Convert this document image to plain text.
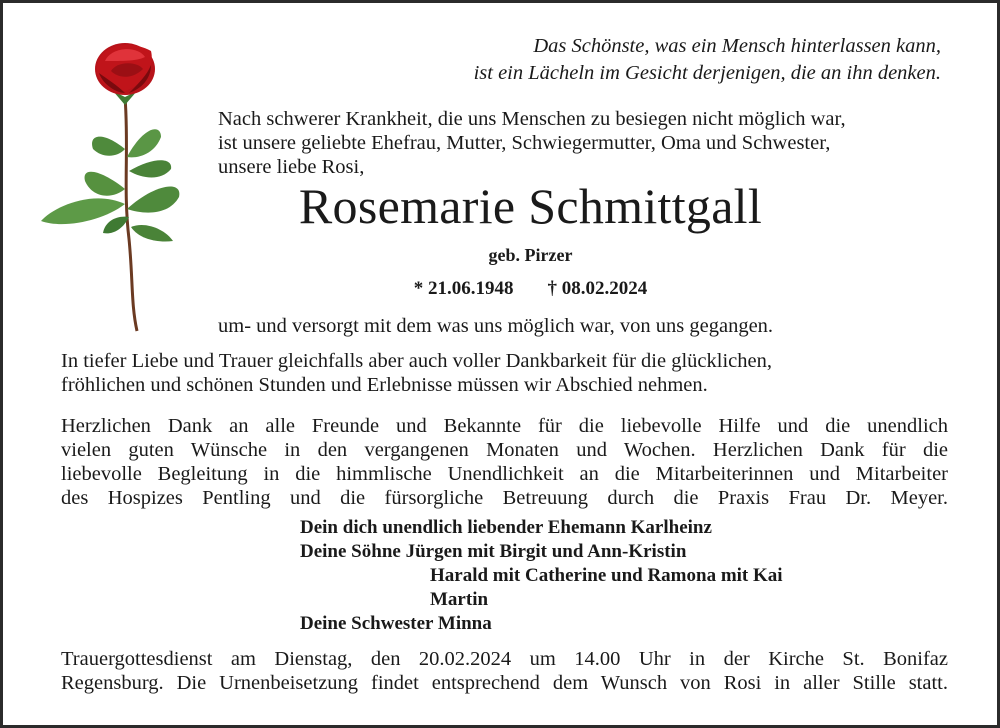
Das Schönste, was ein Mensch hinterlassen kann,
ist ein Lächeln im Gesicht derjenigen, die an ihn denken.
Nach schwerer Krankheit, die uns Menschen zu besiegen nicht möglich war,
ist unsere geliebte Ehefrau, Mutter, Schwiegermutter, Oma und Schwester,
unsere liebe Rosi,
Rosemarie Schmittgall
geb. Pirzer
* 21.06.1948 † 08.02.2024
um- und versorgt mit dem was uns möglich war, von uns gegangen.
In tiefer Liebe und Trauer gleichfalls aber auch voller Dankbarkeit für die glücklichen,
fröhlichen und schönen Stunden und Erlebnisse müssen wir Abschied nehmen.
Herzlichen Dank an alle Freunde und Bekannte für die liebevolle Hilfe und die unendlich
vielen guten Wünsche in den vergangenen Monaten und Wochen. Herzlichen Dank für die
liebevolle Begleitung in die himmlische Unendlichkeit an die Mitarbeiterinnen und Mitarbeiter
des Hospizes Pentling und die fürsorgliche Betreuung durch die Praxis Frau Dr. Meyer.
Dein dich unendlich liebender Ehemann Karlheinz
Deine Söhne Jürgen mit Birgit und Ann-Kristin
Harald mit Catherine und Ramona mit Kai
Martin
Deine Schwester Minna
Trauergottesdienst am Dienstag, den 20.02.2024 um 14.00 Uhr in der Kirche St. Bonifaz
Regensburg. Die Urnenbeisetzung findet entsprechend dem Wunsch von Rosi in aller Stille statt.
